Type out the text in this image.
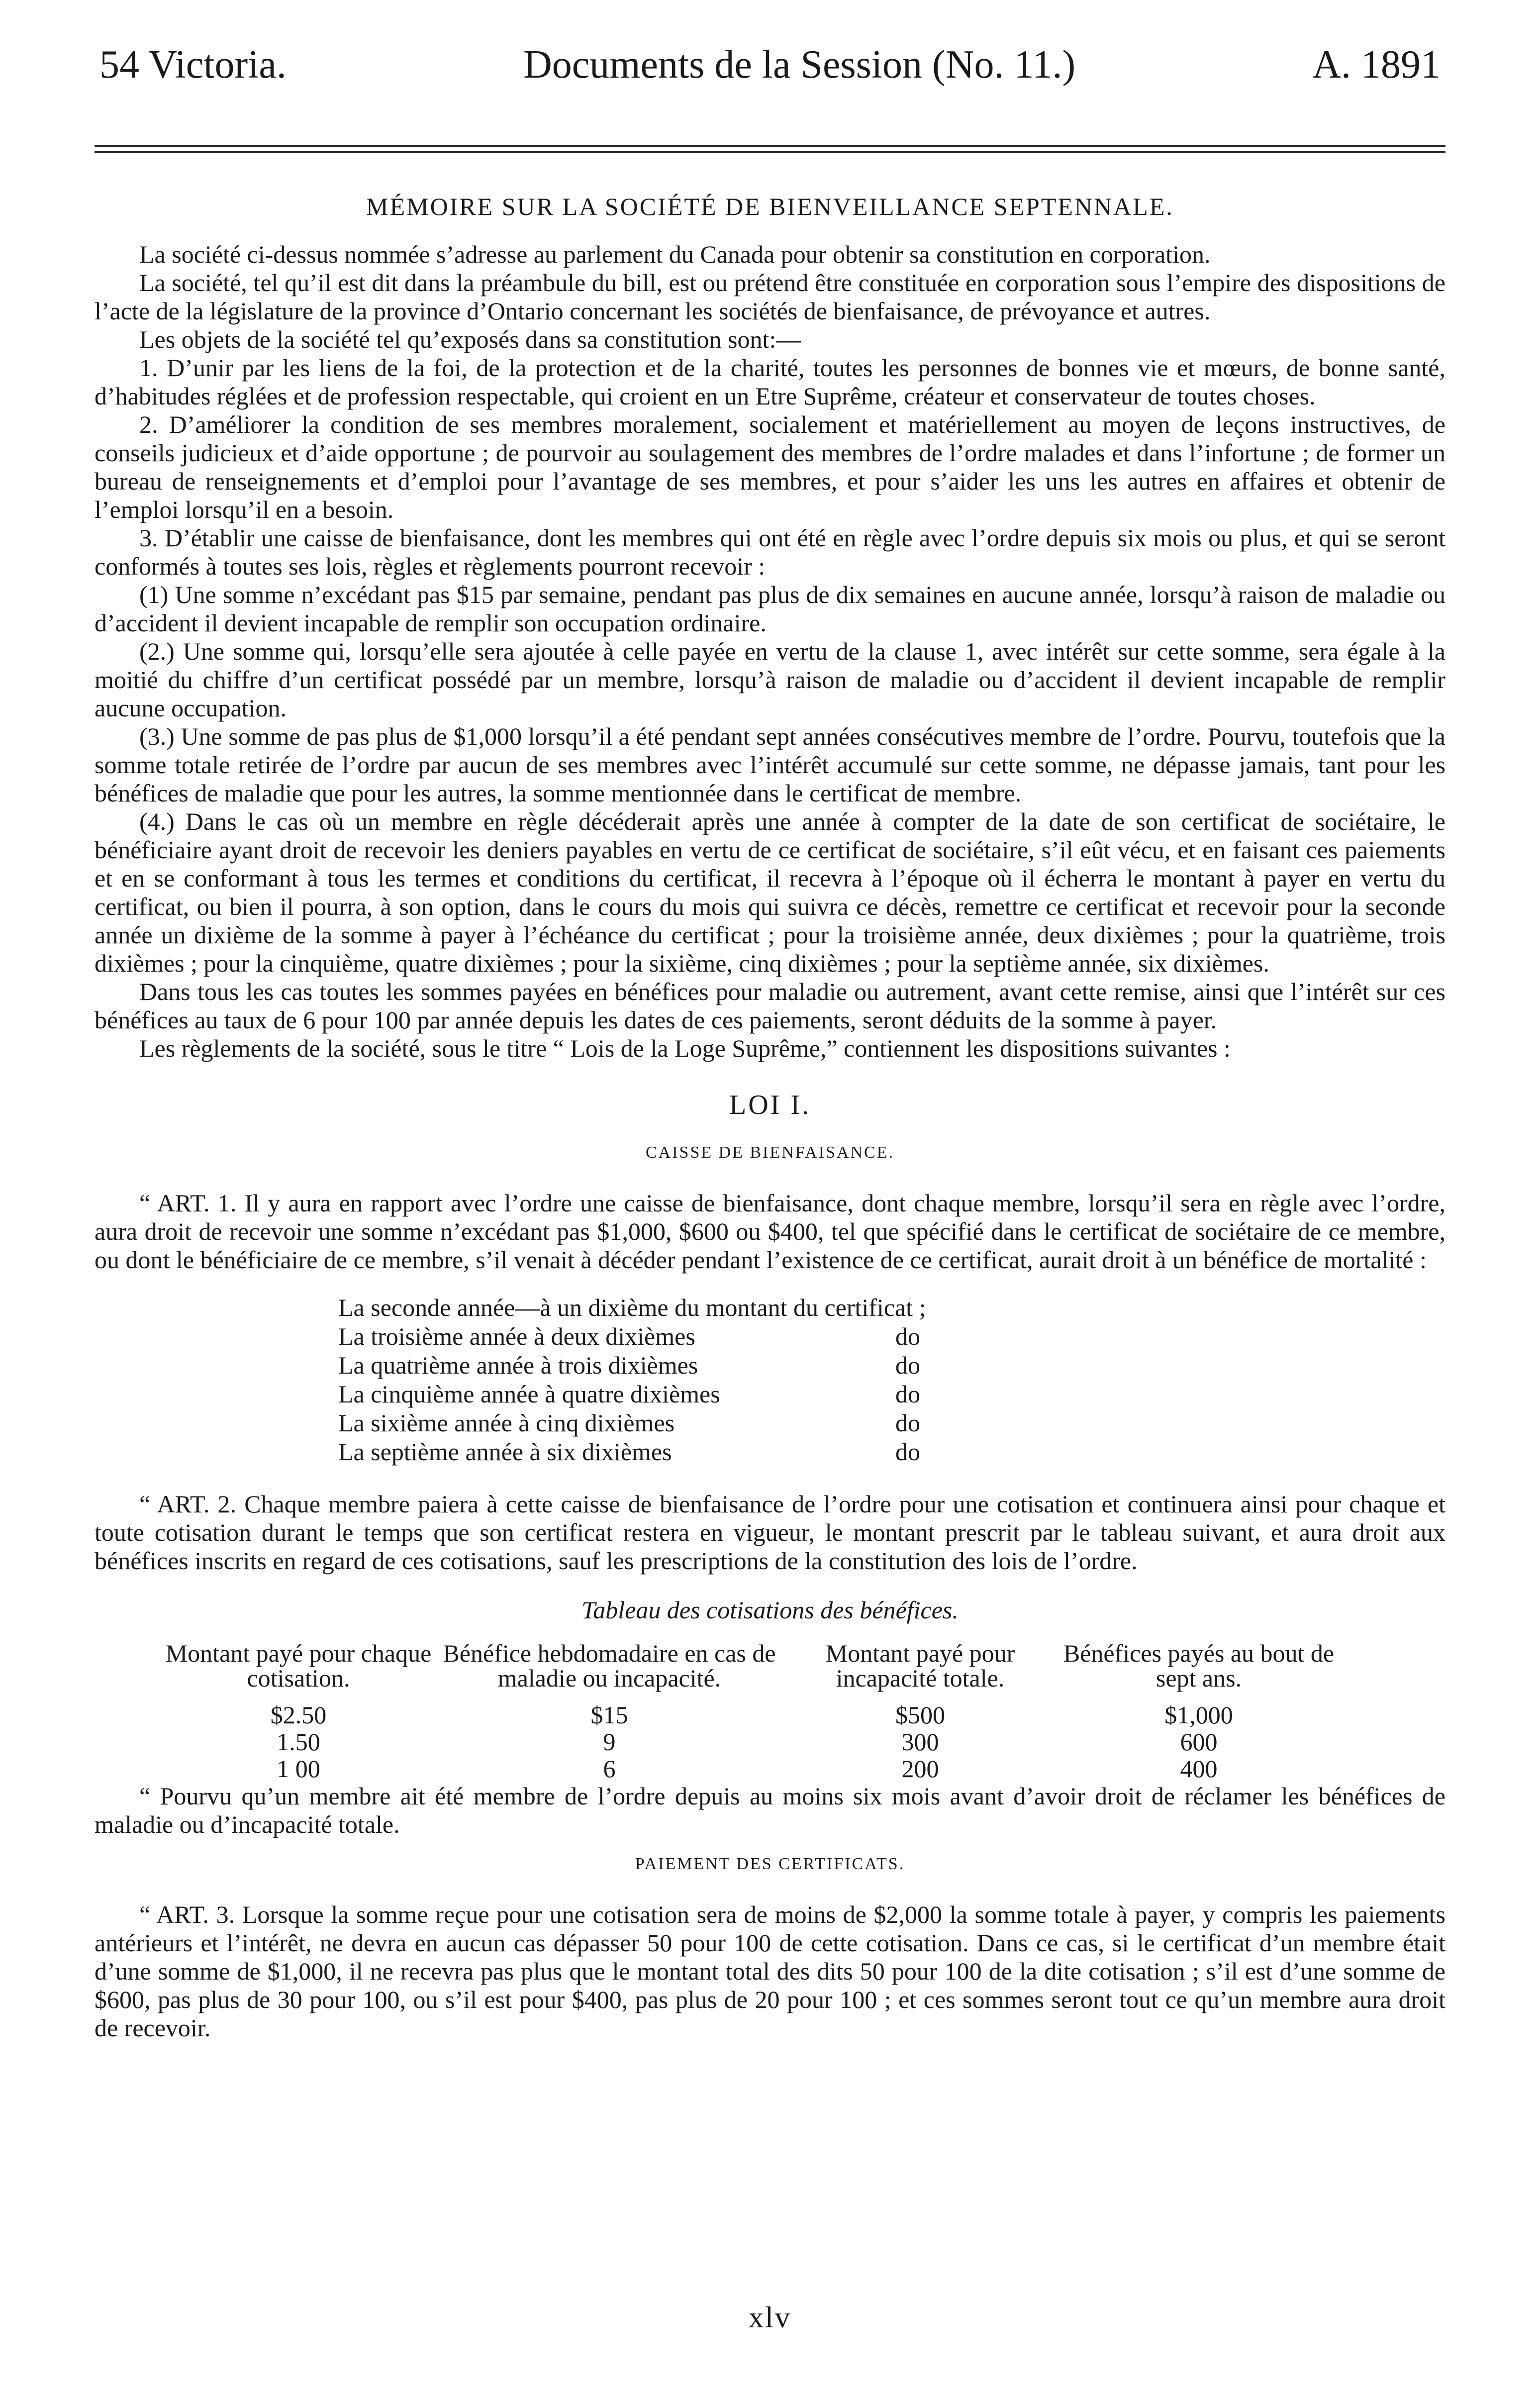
54 Victoria.	Documents de la Session (No. 11.)	A. 1891
MÉMOIRE SUR LA SOCIÉTÉ DE BIENVEILLANCE SEPTENNALE.

La société ci-dessus nommée s’adresse au parlement du Canada pour obtenir sa constitution en corporation.

La société, tel qu’il est dit dans la préambule du bill, est ou prétend être constituée en corporation sous l’empire des dispositions de l’acte de la législature de la province d’Ontario concernant les sociétés de bienfaisance, de prévoyance et autres.

Les objets de la société tel qu’exposés dans sa constitution sont:—

1. D’unir par les liens de la foi, de la protection et de la charité, toutes les personnes de bonnes vie et mœurs, de bonne santé, d’habitudes réglées et de profession respectable, qui croient en un Etre Suprême, créateur et conservateur de toutes choses.

2. D’améliorer la condition de ses membres moralement, socialement et matériellement au moyen de leçons instructives, de conseils judicieux et d’aide opportune ; de pourvoir au soulagement des membres de l’ordre malades et dans l’infortune ; de former un bureau de renseignements et d’emploi pour l’avantage de ses membres, et pour s’aider les uns les autres en affaires et obtenir de l’emploi lorsqu’il en a besoin.

3. D’établir une caisse de bienfaisance, dont les membres qui ont été en règle avec l’ordre depuis six mois ou plus, et qui se seront conformés à toutes ses lois, règles et règlements pourront recevoir :

(1) Une somme n’excédant pas $15 par semaine, pendant pas plus de dix semaines en aucune année, lorsqu’à raison de maladie ou d’accident il devient incapable de remplir son occupation ordinaire.

(2.) Une somme qui, lorsqu’elle sera ajoutée à celle payée en vertu de la clause 1, avec intérêt sur cette somme, sera égale à la moitié du chiffre d’un certificat possédé par un membre, lorsqu’à raison de maladie ou d’accident il devient incapable de remplir aucune occupation.

(3.) Une somme de pas plus de $1,000 lorsqu’il a été pendant sept années consécutives membre de l’ordre. Pourvu, toutefois que la somme totale retirée de l’ordre par aucun de ses membres avec l’intérêt accumulé sur cette somme, ne dépasse jamais, tant pour les bénéfices de maladie que pour les autres, la somme mentionnée dans le certificat de membre.

(4.) Dans le cas où un membre en règle décéderait après une année à compter de la date de son certificat de sociétaire, le bénéficiaire ayant droit de recevoir les deniers payables en vertu de ce certificat de sociétaire, s’il eût vécu, et en faisant ces paiements et en se conformant à tous les termes et conditions du certificat, il recevra à l’époque où il écherra le montant à payer en vertu du certificat, ou bien il pourra, à son option, dans le cours du mois qui suivra ce décès, remettre ce certificat et recevoir pour la seconde année un dixième de la somme à payer à l’échéance du certificat ; pour la troisième année, deux dixièmes ; pour la quatrième, trois dixièmes ; pour la cinquième, quatre dixièmes ; pour la sixième, cinq dixièmes ; pour la septième année, six dixièmes.

Dans tous les cas toutes les sommes payées en bénéfices pour maladie ou autrement, avant cette remise, ainsi que l’intérêt sur ces bénéfices au taux de 6 pour 100 par année depuis les dates de ces paiements, seront déduits de la somme à payer.

Les règlements de la société, sous le titre “ Lois de la Loge Suprême,” contiennent les dispositions suivantes :

LOI I.
CAISSE DE BIENFAISANCE.

“ ART. 1. Il y aura en rapport avec l’ordre une caisse de bienfaisance, dont chaque membre, lorsqu’il sera en règle avec l’ordre, aura droit de recevoir une somme n’excédant pas $1,000, $600 ou $400, tel que spécifié dans le certificat de sociétaire de ce membre, ou dont le bénéficiaire de ce membre, s’il venait à décéder pendant l’existence de ce certificat, aurait droit à un bénéfice de mortalité :

La seconde année—à un dixième du montant du certificat ;
La troisième année à deux dixièmes	do
La quatrième année à trois dixièmes	do
La cinquième année à quatre dixièmes	do
La sixième année à cinq dixièmes	do
La septième année à six dixièmes	do

“ ART. 2. Chaque membre paiera à cette caisse de bienfaisance de l’ordre pour une cotisation et continuera ainsi pour chaque et toute cotisation durant le temps que son certificat restera en vigueur, le montant prescrit par le tableau suivant, et aura droit aux bénéfices inscrits en regard de ces cotisations, sauf les prescriptions de la constitution des lois de l’ordre.

Tableau des cotisations des bénéfices.
Montant payé pour chaque cotisation.	Bénéfice hebdomadaire en cas de maladie ou incapacité.	Montant payé pour incapacité totale.	Bénéfices payés au bout de sept ans.
$2.50	$15	$500	$1,000
1.50	9	300	600
1 00	6	200	400

“ Pourvu qu’un membre ait été membre de l’ordre depuis au moins six mois avant d’avoir droit de réclamer les bénéfices de maladie ou d’incapacité totale.

PAIEMENT DES CERTIFICATS.

“ ART. 3. Lorsque la somme reçue pour une cotisation sera de moins de $2,000 la somme totale à payer, y compris les paiements antérieurs et l’intérêt, ne devra en aucun cas dépasser 50 pour 100 de cette cotisation. Dans ce cas, si le certificat d’un membre était d’une somme de $1,000, il ne recevra pas plus que le montant total des dits 50 pour 100 de la dite cotisation ; s’il est d’une somme de $600, pas plus de 30 pour 100, ou s’il est pour $400, pas plus de 20 pour 100 ; et ces sommes seront tout ce qu’un membre aura droit de recevoir.

xlv
